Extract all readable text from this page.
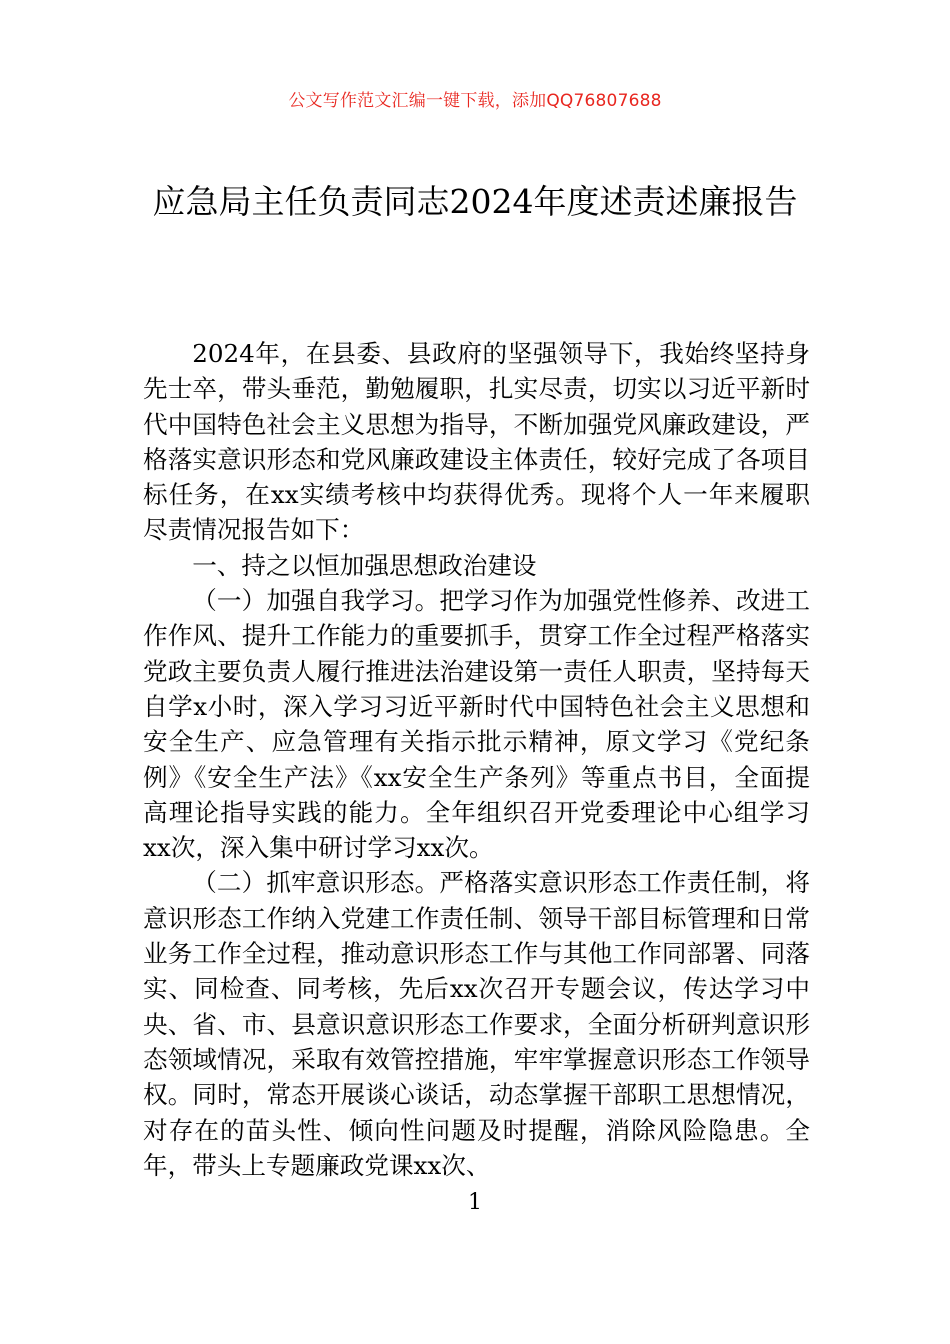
公文写作范文汇编一键下载，添加QQ76807688
应急局主任负责同志2024年度述责述廉报告

2024年，在县委、县政府的坚强领导下，我始终坚持身先士卒，带头垂范，勤勉履职，扎实尽责，切实以习近平新时代中国特色社会主义思想为指导，不断加强党风廉政建设，严格落实意识形态和党风廉政建设主体责任，较好完成了各项目标任务，在xx实绩考核中均获得优秀。现将个人一年来履职尽责情况报告如下：

一、持之以恒加强思想政治建设

（一）加强自我学习。把学习作为加强党性修养、改进工作作风、提升工作能力的重要抓手，贯穿工作全过程严格落实党政主要负责人履行推进法治建设第一责任人职责，坚持每天自学x小时，深入学习习近平新时代中国特色社会主义思想和安全生产、应急管理有关指示批示精神，原文学习《党纪条例》《安全生产法》《xx安全生产条列》等重点书目，全面提高理论指导实践的能力。全年组织召开党委理论中心组学习xx次，深入集中研讨学习xx次。

（二）抓牢意识形态。严格落实意识形态工作责任制，将意识形态工作纳入党建工作责任制、领导干部目标管理和日常业务工作全过程，推动意识形态工作与其他工作同部署、同落实、同检查、同考核，先后xx次召开专题会议，传达学习中央、省、市、县意识意识形态工作要求，全面分析研判意识形态领域情况，采取有效管控措施，牢牢掌握意识形态工作领导权。同时，常态开展谈心谈话，动态掌握干部职工思想情况，对存在的苗头性、倾向性问题及时提醒，消除风险隐患。全年，带头上专题廉政党课xx次、

1
